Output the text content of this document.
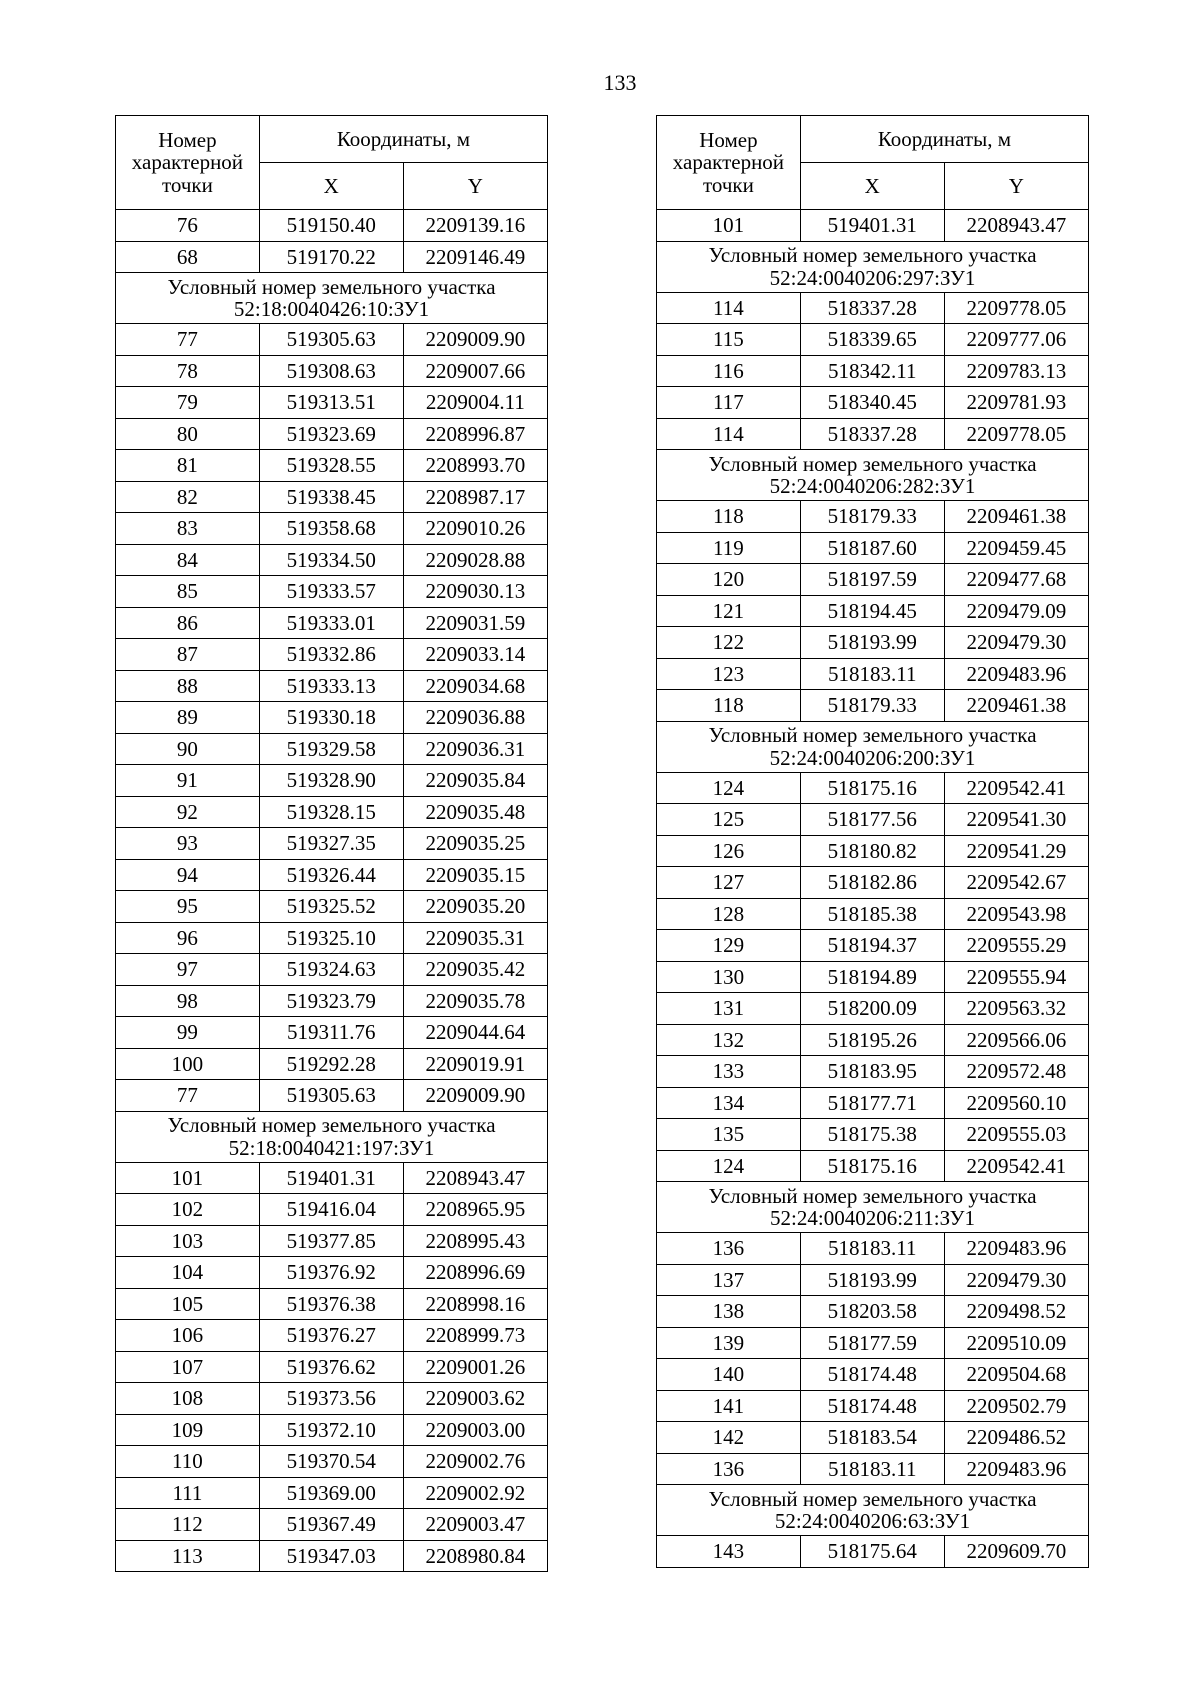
133
Номер характерной точки	Координаты, м	
	X	Y
76	519150.40	2209139.16
68	519170.22	2209146.49
Условный номер земельного участка 52:18:0040426:10:ЗУ1		
77	519305.63	2209009.90
78	519308.63	2209007.66
79	519313.51	2209004.11
80	519323.69	2208996.87
81	519328.55	2208993.70
82	519338.45	2208987.17
83	519358.68	2209010.26
84	519334.50	2209028.88
85	519333.57	2209030.13
86	519333.01	2209031.59
87	519332.86	2209033.14
88	519333.13	2209034.68
89	519330.18	2209036.88
90	519329.58	2209036.31
91	519328.90	2209035.84
92	519328.15	2209035.48
93	519327.35	2209035.25
94	519326.44	2209035.15
95	519325.52	2209035.20
96	519325.10	2209035.31
97	519324.63	2209035.42
98	519323.79	2209035.78
99	519311.76	2209044.64
100	519292.28	2209019.91
77	519305.63	2209009.90
Условный номер земельного участка 52:18:0040421:197:ЗУ1		
101	519401.31	2208943.47
102	519416.04	2208965.95
103	519377.85	2208995.43
104	519376.92	2208996.69
105	519376.38	2208998.16
106	519376.27	2208999.73
107	519376.62	2209001.26
108	519373.56	2209003.62
109	519372.10	2209003.00
110	519370.54	2209002.76
111	519369.00	2209002.92
112	519367.49	2209003.47
113	519347.03	2208980.84
Номер характерной точки	Координаты, м	
	X	Y
101	519401.31	2208943.47
Условный номер земельного участка 52:24:0040206:297:ЗУ1		
114	518337.28	2209778.05
115	518339.65	2209777.06
116	518342.11	2209783.13
117	518340.45	2209781.93
114	518337.28	2209778.05
Условный номер земельного участка 52:24:0040206:282:ЗУ1		
118	518179.33	2209461.38
119	518187.60	2209459.45
120	518197.59	2209477.68
121	518194.45	2209479.09
122	518193.99	2209479.30
123	518183.11	2209483.96
118	518179.33	2209461.38
Условный номер земельного участка 52:24:0040206:200:ЗУ1		
124	518175.16	2209542.41
125	518177.56	2209541.30
126	518180.82	2209541.29
127	518182.86	2209542.67
128	518185.38	2209543.98
129	518194.37	2209555.29
130	518194.89	2209555.94
131	518200.09	2209563.32
132	518195.26	2209566.06
133	518183.95	2209572.48
134	518177.71	2209560.10
135	518175.38	2209555.03
124	518175.16	2209542.41
Условный номер земельного участка 52:24:0040206:211:ЗУ1		
136	518183.11	2209483.96
137	518193.99	2209479.30
138	518203.58	2209498.52
139	518177.59	2209510.09
140	518174.48	2209504.68
141	518174.48	2209502.79
142	518183.54	2209486.52
136	518183.11	2209483.96
Условный номер земельного участка 52:24:0040206:63:ЗУ1		
143	518175.64	2209609.70
